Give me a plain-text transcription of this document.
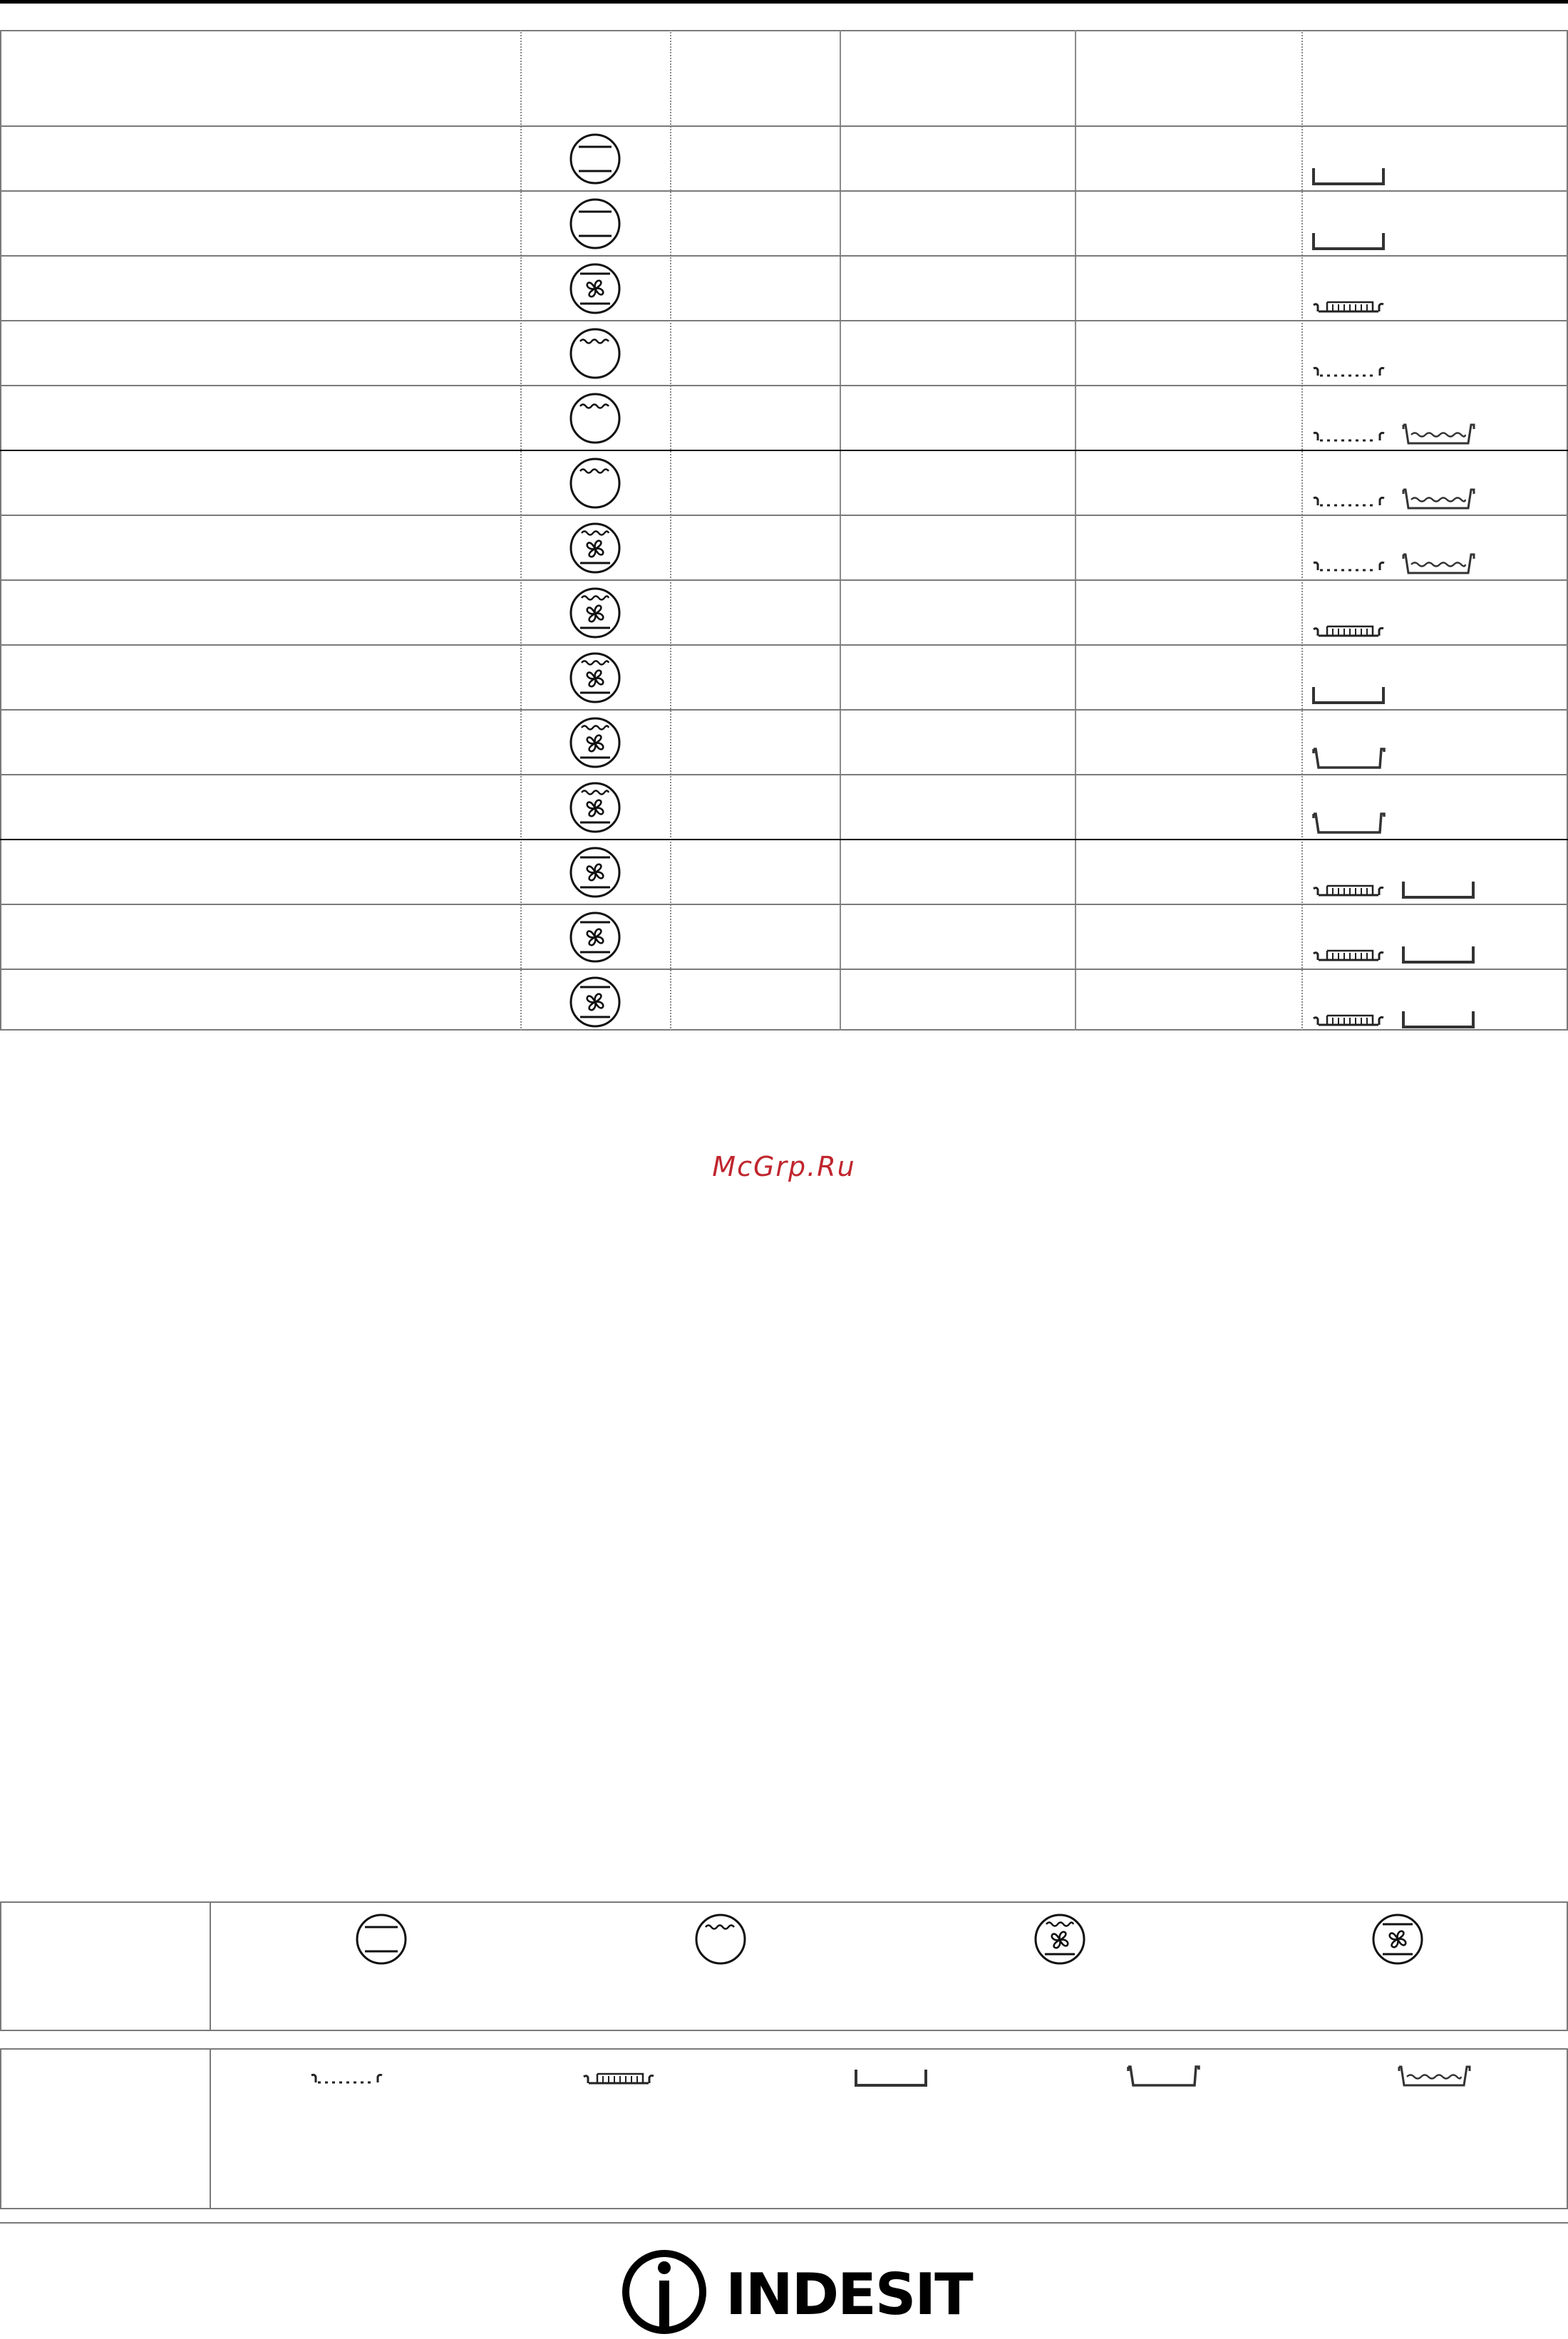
McGrp.Ru
INDESIT
